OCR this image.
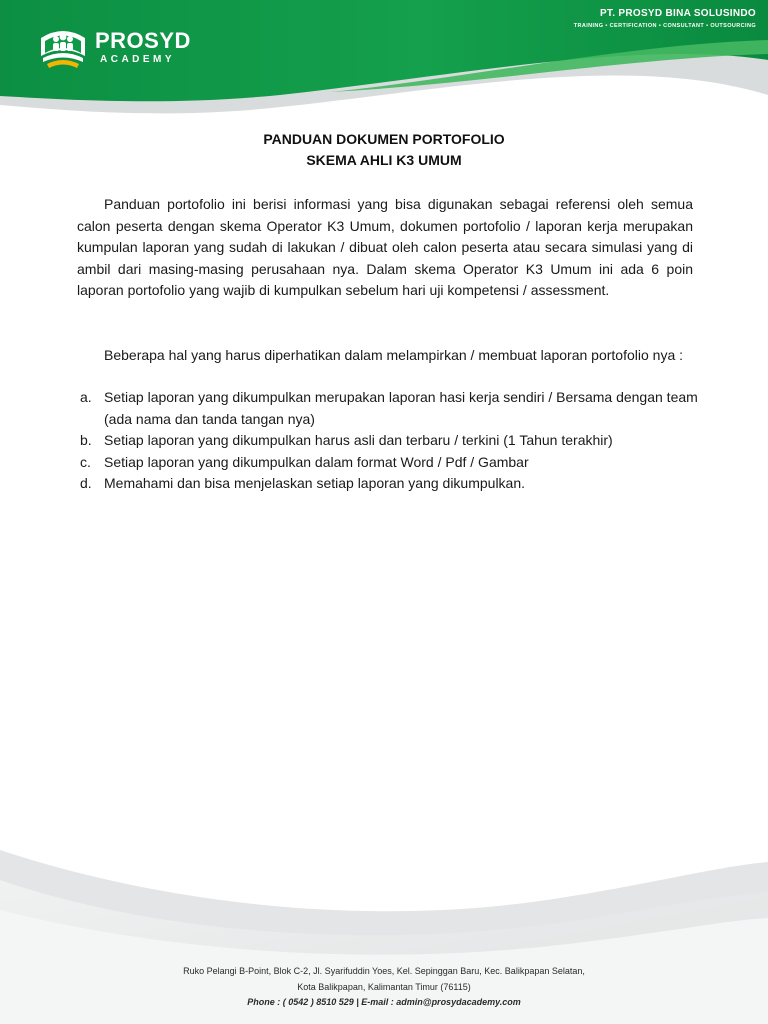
PROSYD
ACADEMY
PT. PROSYD BINA SOLUSINDO
TRAINING • CERTIFICATION • CONSULTANT • OUTSOURCING
PANDUAN DOKUMEN PORTOFOLIO
SKEMA AHLI K3 UMUM
Panduan portofolio ini berisi informasi yang bisa digunakan sebagai referensi oleh semua calon peserta dengan skema Operator K3 Umum, dokumen portofolio / laporan kerja merupakan kumpulan laporan yang sudah di lakukan / dibuat oleh calon peserta atau secara simulasi yang di ambil dari masing-masing perusahaan nya. Dalam skema Operator K3 Umum ini ada 6 poin laporan portofolio yang wajib di kumpulkan sebelum hari uji kompetensi / assessment.
Beberapa hal yang harus diperhatikan dalam melampirkan / membuat laporan portofolio nya :
a. Setiap laporan yang dikumpulkan merupakan laporan hasi kerja sendiri / Bersama dengan team (ada nama dan tanda tangan nya)
b. Setiap laporan yang dikumpulkan harus asli dan terbaru / terkini (1 Tahun terakhir)
c. Setiap laporan yang dikumpulkan dalam format Word / Pdf / Gambar
d. Memahami dan bisa menjelaskan setiap laporan yang dikumpulkan.
Ruko Pelangi B-Point, Blok C-2, Jl. Syarifuddin Yoes, Kel. Sepinggan Baru, Kec. Balikpapan Selatan,
Kota Balikpapan, Kalimantan Timur (76115)
Phone : ( 0542 ) 8510 529 | E-mail : admin@prosydacademy.com
